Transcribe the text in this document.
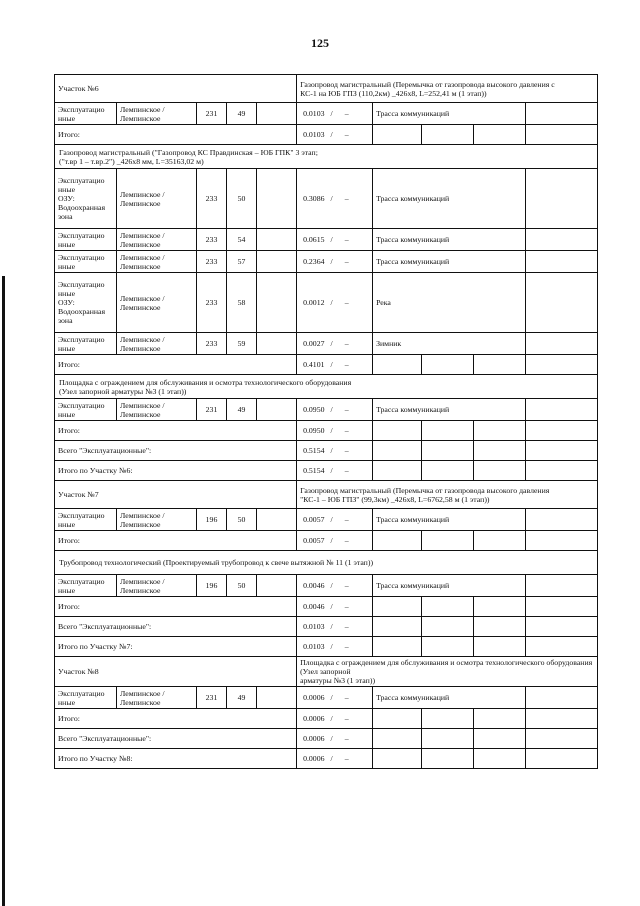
125
Участок №6					Газопровод магистральный (Перемычка от газопровода высокого давления с
КС-1 на ЮБ ГПЗ (110,2км) _426х8, L=252,41 м (1 этап))				
Эксплуатацио
нные	Лемпинское /
Лемпинское	231	49		0.0103 / –	Трасса коммуникаций			
Итого:					0.0103 / –				
Газопровод магистральный ("Газопровод КС Правдинская – ЮБ ГПК" 3 этап;
("т.вр 1 – т.вр.2") _426х8 мм, L=35163,02 м)									
Эксплуатацио
нные
ОЗУ:
Водоохранная
зона	Лемпинское /
Лемпинское	233	50		0.3086 / –	Трасса коммуникаций			
Эксплуатацио
нные	Лемпинское /
Лемпинское	233	54		0.0615 / –	Трасса коммуникаций			
Эксплуатацио
нные	Лемпинское /
Лемпинское	233	57		0.2364 / –	Трасса коммуникаций			
Эксплуатацио
нные
ОЗУ:
Водоохранная
зона	Лемпинское /
Лемпинское	233	58		0.0012 / –	Река			
Эксплуатацио
нные	Лемпинское /
Лемпинское	233	59		0.0027 / –	Зимник			
Итого:					0.4101 / –				
Площадка с ограждением для обслуживания и осмотра технологического оборудования
(Узел запорной арматуры №3 (1 этап))									
Эксплуатацио
нные	Лемпинское /
Лемпинское	231	49		0.0950 / –	Трасса коммуникаций			
Итого:					0.0950 / –				
Всего "Эксплуатационные":					0.5154 / –				
Итого по Участку №6:					0.5154 / –				
Участок №7					Газопровод магистральный (Перемычка от газопровода высокого давления
"КС-1 – ЮБ ГПЗ" (99,3км) _426х8, L=6762,58 м (1 этап))				
Эксплуатацио
нные	Лемпинское /
Лемпинское	196	50		0.0057 / –	Трасса коммуникаций			
Итого:					0.0057 / –				
Трубопровод технологический (Проектируемый трубопровод к свече вытяжной № 11 (1 этап))									
Эксплуатацио
нные	Лемпинское /
Лемпинское	196	50		0.0046 / –	Трасса коммуникаций			
Итого:					0.0046 / –				
Всего "Эксплуатационные":					0.0103 / –				
Итого по Участку №7:					0.0103 / –				
Участок №8					Площадка с ограждением для обслуживания и осмотра технологического оборудования (Узел запорной
арматуры №3 (1 этап))				
Эксплуатацио
нные	Лемпинское /
Лемпинское	231	49		0.0006 / –	Трасса коммуникаций			
Итого:					0.0006 / –				
Всего "Эксплуатационные":					0.0006 / –				
Итого по Участку №8:					0.0006 / –				
